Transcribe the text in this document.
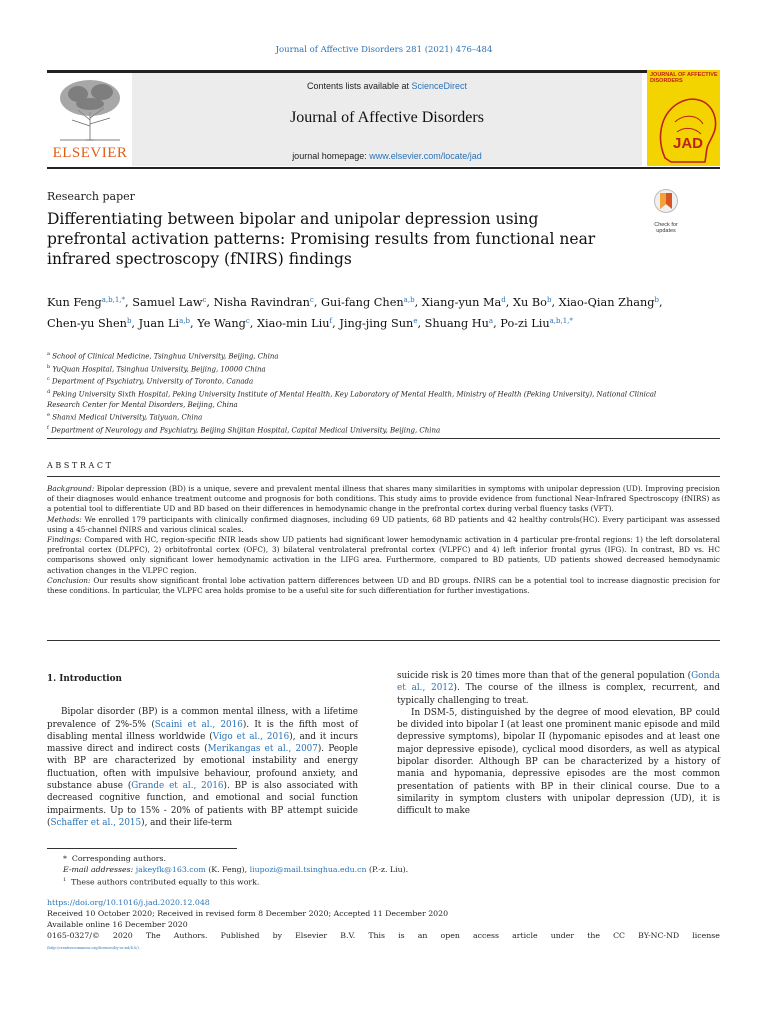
Journal of Affective Disorders 281 (2021) 476–484
ELSEVIER
Contents lists available at ScienceDirect
Journal of Affective Disorders
journal homepage: www.elsevier.com/locate/jad
JOURNAL OF AFFECTIVE DISORDERS
JAD
Research paper
Differentiating between bipolar and unipolar depression using prefrontal activation patterns: Promising results from functional near infrared spectroscopy (fNIRS) findings
Check for updates
Kun Feng$^{a,b,1,*}$, Samuel Law$^c$, Nisha Ravindran$^c$, Gui-fang Chen$^{a,b}$, Xiang-yun Ma$^d$, Xu Bo$^b$, Xiao-Qian Zhang$^b$, Chen-yu Shen$^b$, Juan Li$^{a,b}$, Ye Wang$^c$, Xiao-min Liu$^f$, Jing-jing Sun$^e$, Shuang Hu$^a$, Po-zi Liu$^{a,b,1,*}$
$^a$ School of Clinical Medicine, Tsinghua University, Beijing, China
$^b$ YuQuan Hospital, Tsinghua University, Beijing, 10000 China
$^c$ Department of Psychiatry, University of Toronto, Canada
$^d$ Peking University Sixth Hospital, Peking University Institute of Mental Health, Key Laboratory of Mental Health, Ministry of Health (Peking University), National Clinical Research Center for Mental Disorders, Beijing, China
$^e$ Shanxi Medical University, Taiyuan, China
$^f$ Department of Neurology and Psychiatry, Beijing Shijitan Hospital, Capital Medical University, Beijing, China
ABSTRACT

Background: Bipolar depression (BD) is a unique, severe and prevalent mental illness that shares many similarities in symptoms with unipolar depression (UD). Improving precision of their diagnoses would enhance treatment outcome and prognosis for both conditions. This study aims to provide evidence from functional Near-Infrared Spectroscopy (fNIRS) as a potential tool to differentiate UD and BD based on their differences in hemodynamic change in the prefrontal cortex during verbal fluency tasks (VFT).

Methods: We enrolled 179 participants with clinically confirmed diagnoses, including 69 UD patients, 68 BD patients and 42 healthy controls(HC). Every participant was assessed using a 45-channel fNIRS and various clinical scales.

Findings: Compared with HC, region-specific fNIR leads show UD patients had significant lower hemodynamic activation in 4 particular pre-frontal regions: 1) the left dorsolateral prefrontal cortex (DLPFC), 2) orbitofrontal cortex (OFC), 3) bilateral ventrolateral prefrontal cortex (VLPFC) and 4) left inferior frontal gyrus (IFG). In contrast, BD vs. HC comparisons showed only significant lower hemodynamic activation in the LIFG area. Furthermore, compared to BD patients, UD patients showed decreased hemodynamic activation changes in the VLPFC region.

Conclusion: Our results show significant frontal lobe activation pattern differences between UD and BD groups. fNIRS can be a potential tool to increase diagnostic precision for these conditions. In particular, the VLPFC area holds promise to be a useful site for such differentiation for further investigations.

1. Introduction

Bipolar disorder (BP) is a common mental illness, with a lifetime prevalence of 2%-5% (Scaini et al., 2016). It is the fifth most of disabling mental illness worldwide (Vigo et al., 2016), and it incurs massive direct and indirect costs (Merikangas et al., 2007). People with BP are characterized by emotional instability and energy fluctuation, often with impulsive behaviour, profound anxiety, and substance abuse (Grande et al., 2016). BP is also associated with decreased cognitive function, and emotional and social function impairments. Up to 15% - 20% of patients with BP attempt suicide (Schaffer et al., 2015), and their life-term

suicide risk is 20 times more than that of the general population (Gonda et al., 2012). The course of the illness is complex, recurrent, and typically challenging to treat.

In DSM-5, distinguished by the degree of mood elevation, BP could be divided into bipolar I (at least one prominent manic episode and mild depressive symptoms), bipolar II (hypomanic episodes and at least one major depressive episode), cyclical mood disorders, as well as atypical bipolar disorder. Although BP can be characterized by a history of mania and hypomania, depressive episodes are the most common presentation of patients with BP in their clinical course. Due to a similarity in symptom clusters with unipolar depression (UD), it is difficult to make

*  Corresponding authors.
E-mail addresses: jakeyfk@163.com (K. Feng), liupozi@mail.tsinghua.edu.cn (P.-z. Liu).
$^1$ These authors contributed equally to this work.
https://doi.org/10.1016/j.jad.2020.12.048
Received 10 October 2020; Received in revised form 8 December 2020; Accepted 11 December 2020
Available online 16 December 2020
0165-0327/© 2020 The Authors. Published by Elsevier B.V. This is an open access article under the CC BY-NC-ND license
(http://creativecommons.org/licenses/by-nc-nd/4.0/).
